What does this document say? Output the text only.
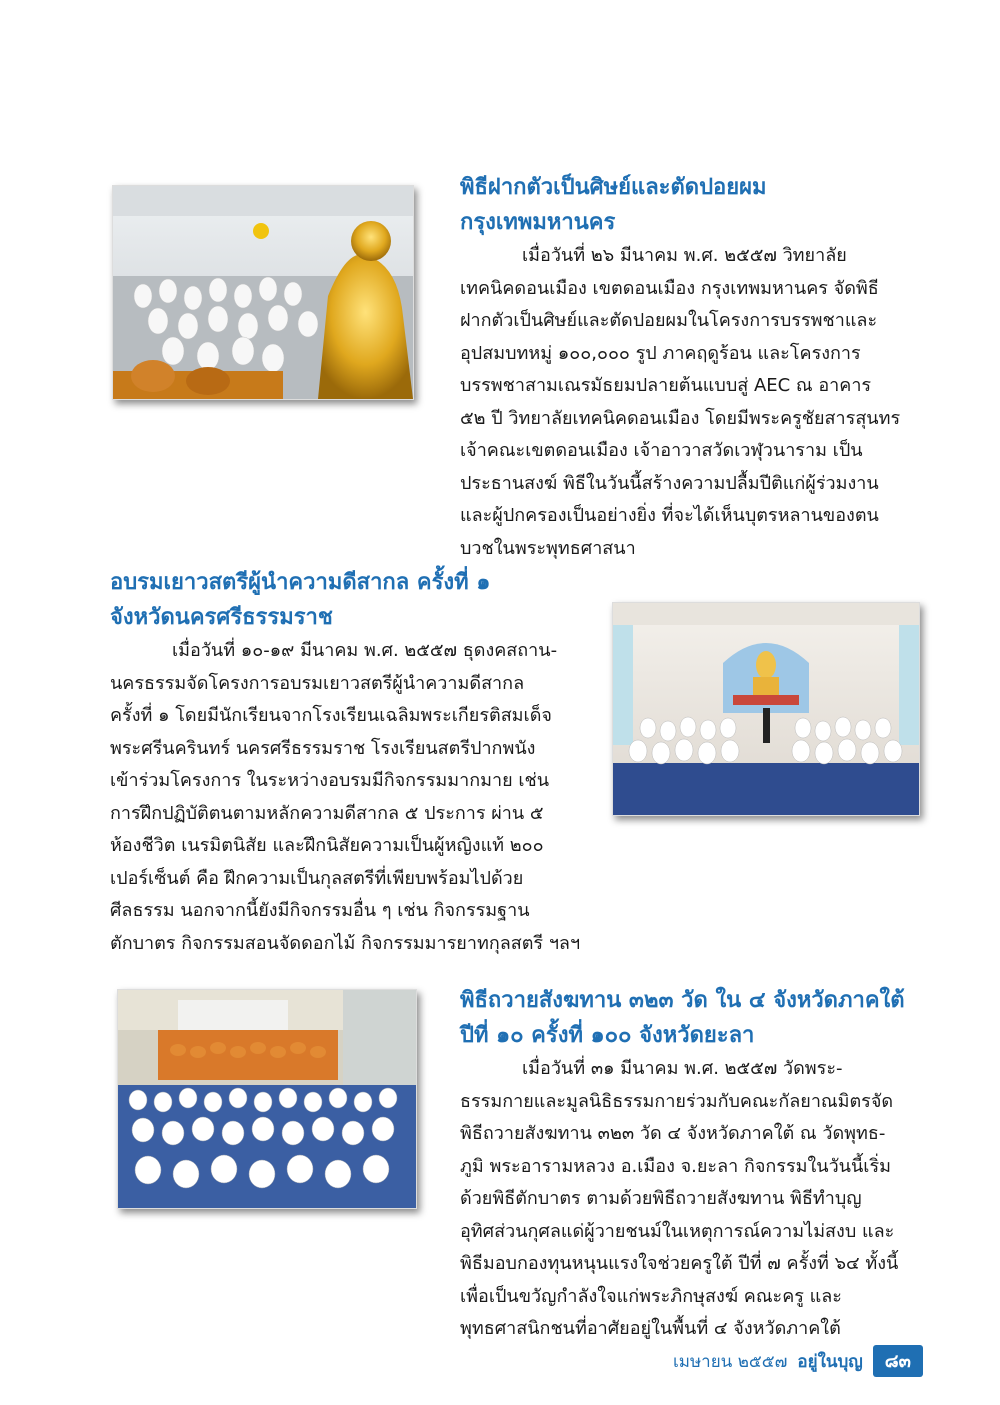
พิธีฝากตัวเป็นศิษย์และตัดปอยผม
กรุงเทพมหานคร

เมื่อวันที่ ๒๖ มีนาคม พ.ศ. ๒๕๕๗ วิทยาลัย
เทคนิคดอนเมือง เขตดอนเมือง กรุงเทพมหานคร จัดพิธี
ฝากตัวเป็นศิษย์และตัดปอยผมในโครงการบรรพชาและ
อุปสมบทหมู่ ๑๐๐,๐๐๐ รูป ภาคฤดูร้อน และโครงการ
บรรพชาสามเณรมัธยมปลายต้นแบบสู่ AEC ณ อาคาร
๕๒ ปี วิทยาลัยเทคนิคดอนเมือง โดยมีพระครูชัยสารสุนทร
เจ้าคณะเขตดอนเมือง เจ้าอาวาสวัดเวฬุวนาราม เป็น
ประธานสงฆ์ พิธีในวันนี้สร้างความปลื้มปีติแก่ผู้ร่วมงาน
และผู้ปกครองเป็นอย่างยิ่ง ที่จะได้เห็นบุตรหลานของตน
บวชในพระพุทธศาสนา

อบรมเยาวสตรีผู้นำความดีสากล ครั้งที่ ๑
จังหวัดนครศรีธรรมราช

เมื่อวันที่ ๑๐-๑๙ มีนาคม พ.ศ. ๒๕๕๗ ธุดงคสถาน-
นครธรรมจัดโครงการอบรมเยาวสตรีผู้นำความดีสากล
ครั้งที่ ๑ โดยมีนักเรียนจากโรงเรียนเฉลิมพระเกียรติสมเด็จ
พระศรีนครินทร์ นครศรีธรรมราช โรงเรียนสตรีปากพนัง
เข้าร่วมโครงการ ในระหว่างอบรมมีกิจกรรมมากมาย เช่น
การฝึกปฏิบัติตนตามหลักความดีสากล ๕ ประการ ผ่าน ๕
ห้องชีวิต เนรมิตนิสัย และฝึกนิสัยความเป็นผู้หญิงแท้ ๒๐๐
เปอร์เซ็นต์ คือ ฝึกความเป็นกุลสตรีที่เพียบพร้อมไปด้วย
ศีลธรรม นอกจากนี้ยังมีกิจกรรมอื่น ๆ เช่น กิจกรรมฐาน
ตักบาตร กิจกรรมสอนจัดดอกไม้ กิจกรรมมารยาทกุลสตรี ฯลฯ

พิธีถวายสังฆทาน ๓๒๓ วัด ใน ๔ จังหวัดภาคใต้
ปีที่ ๑๐ ครั้งที่ ๑๐๐ จังหวัดยะลา

เมื่อวันที่ ๓๑ มีนาคม พ.ศ. ๒๕๕๗ วัดพระ-
ธรรมกายและมูลนิธิธรรมกายร่วมกับคณะกัลยาณมิตรจัด
พิธีถวายสังฆทาน ๓๒๓ วัด ๔ จังหวัดภาคใต้ ณ วัดพุทธ-
ภูมิ พระอารามหลวง อ.เมือง จ.ยะลา กิจกรรมในวันนี้เริ่ม
ด้วยพิธีตักบาตร ตามด้วยพิธีถวายสังฆทาน พิธีทำบุญ
อุทิศส่วนกุศลแด่ผู้วายชนม์ในเหตุการณ์ความไม่สงบ และ
พิธีมอบกองทุนหนุนแรงใจช่วยครูใต้ ปีที่ ๗ ครั้งที่ ๖๔ ทั้งนี้
เพื่อเป็นขวัญกำลังใจแก่พระภิกษุสงฆ์ คณะครู และ
พุทธศาสนิกชนที่อาศัยอยู่ในพื้นที่ ๔ จังหวัดภาคใต้

เมษายน ๒๕๕๗ อยู่ในบุญ	๘๓
